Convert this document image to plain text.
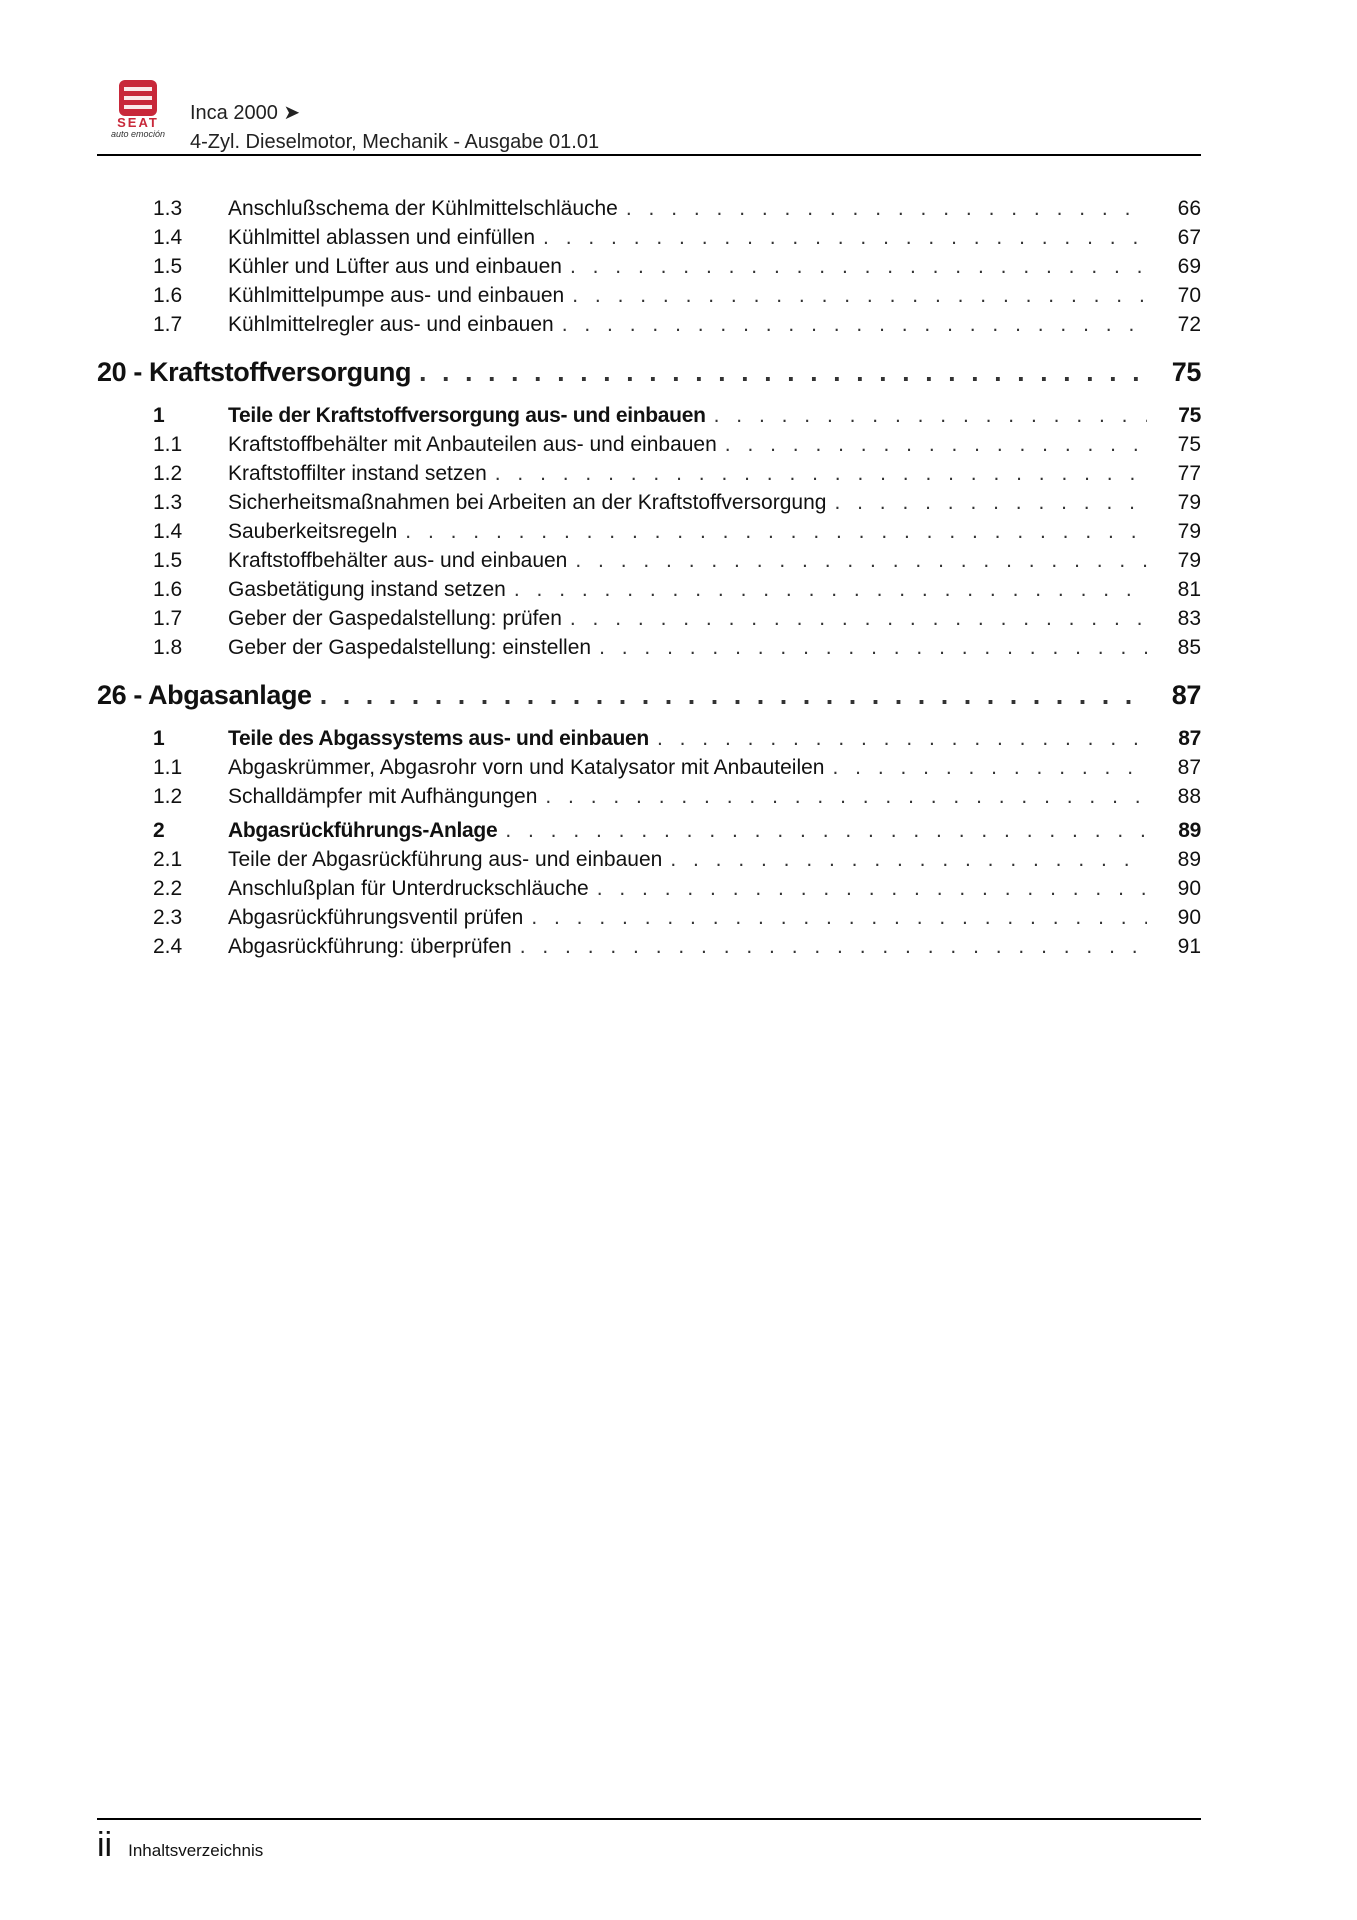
SEAT
auto emoción
Inca 2000 ➤
4-Zyl. Dieselmotor, Mechanik - Ausgabe 01.01
1.3	Anschlußschema der Kühlmittelschläuche . . .	66
1.4	Kühlmittel ablassen und einfüllen . . .	67
1.5	Kühler und Lüfter aus und einbauen . . .	69
1.6	Kühlmittelpumpe aus- und einbauen . . .	70
1.7	Kühlmittelregler aus- und einbauen . . .	72
20 - Kraftstoffversorgung . . .	75
1	Teile der Kraftstoffversorgung aus- und einbauen . . .	75
1.1	Kraftstoffbehälter mit Anbauteilen aus- und einbauen . . .	75
1.2	Kraftstoffilter instand setzen . . .	77
1.3	Sicherheitsmaßnahmen bei Arbeiten an der Kraftstoffversorgung . . .	79
1.4	Sauberkeitsregeln . . .	79
1.5	Kraftstoffbehälter aus- und einbauen . . .	79
1.6	Gasbetätigung instand setzen . . .	81
1.7	Geber der Gaspedalstellung: prüfen . . .	83
1.8	Geber der Gaspedalstellung: einstellen . . .	85
26 - Abgasanlage . . .	87
1	Teile des Abgassystems aus- und einbauen . . .	87
1.1	Abgaskrümmer, Abgasrohr vorn und Katalysator mit Anbauteilen . . .	87
1.2	Schalldämpfer mit Aufhängungen . . .	88
2	Abgasrückführungs-Anlage . . .	89
2.1	Teile der Abgasrückführung aus- und einbauen . . .	89
2.2	Anschlußplan für Unterdruckschläuche . . .	90
2.3	Abgasrückführungsventil prüfen . . .	90
2.4	Abgasrückführung: überprüfen . . .	91
ii Inhaltsverzeichnis
